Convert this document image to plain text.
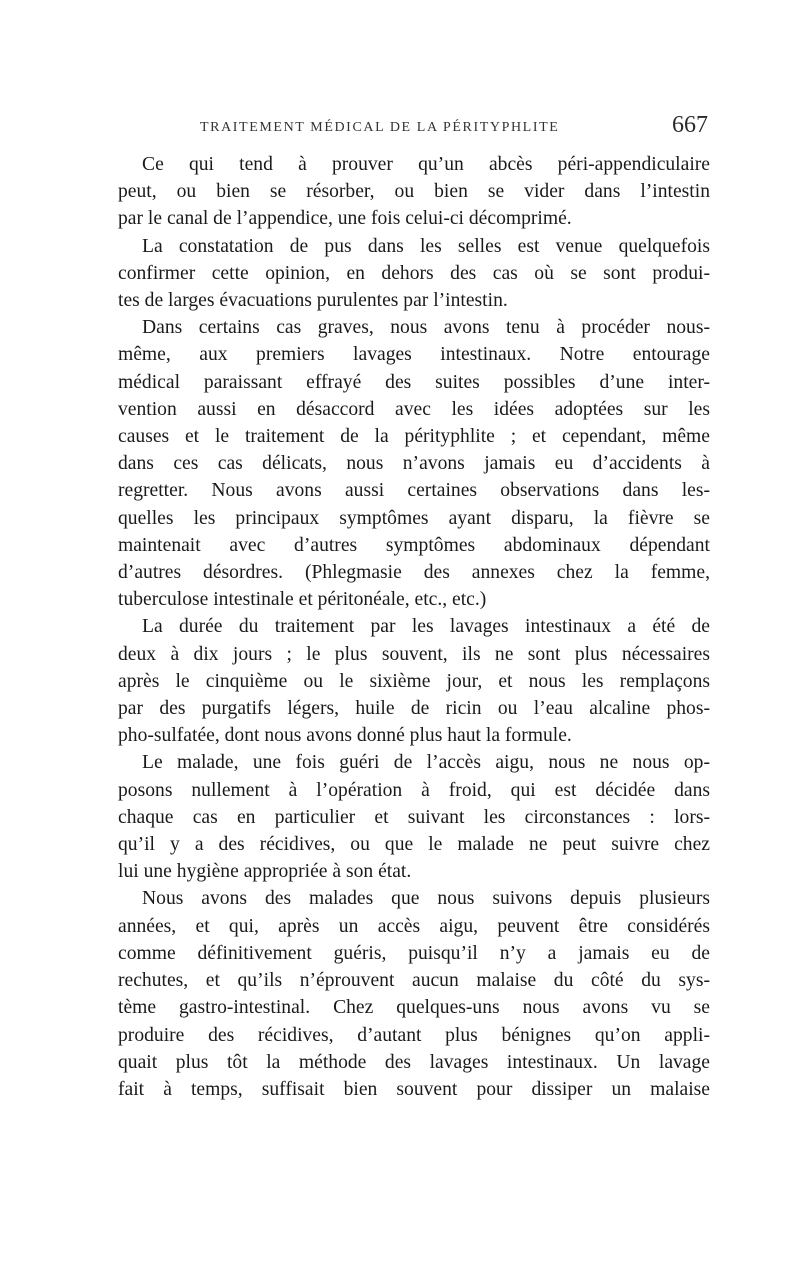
TRAITEMENT MÉDICAL DE LA PÉRITYPHLITE	667

Ce qui tend à prouver qu’un abcès péri-appendiculaire
peut, ou bien se résorber, ou bien se vider dans l’intestin
par le canal de l’appendice, une fois celui-ci décomprimé.

La constatation de pus dans les selles est venue quelquefois
confirmer cette opinion, en dehors des cas où se sont produi-
tes de larges évacuations purulentes par l’intestin.

Dans certains cas graves, nous avons tenu à procéder nous-
même, aux premiers lavages intestinaux. Notre entourage
médical paraissant effrayé des suites possibles d’une inter-
vention aussi en désaccord avec les idées adoptées sur les
causes et le traitement de la pérityphlite ; et cependant, même
dans ces cas délicats, nous n’avons jamais eu d’accidents à
regretter. Nous avons aussi certaines observations dans les-
quelles les principaux symptômes ayant disparu, la fièvre se
maintenait avec d’autres symptômes abdominaux dépendant
d’autres désordres. (Phlegmasie des annexes chez la femme,
tuberculose intestinale et péritonéale, etc., etc.)

La durée du traitement par les lavages intestinaux a été de
deux à dix jours ; le plus souvent, ils ne sont plus nécessaires
après le cinquième ou le sixième jour, et nous les remplaçons
par des purgatifs légers, huile de ricin ou l’eau alcaline phos-
pho-sulfatée, dont nous avons donné plus haut la formule.

Le malade, une fois guéri de l’accès aigu, nous ne nous op-
posons nullement à l’opération à froid, qui est décidée dans
chaque cas en particulier et suivant les circonstances : lors-
qu’il y a des récidives, ou que le malade ne peut suivre chez
lui une hygiène appropriée à son état.

Nous avons des malades que nous suivons depuis plusieurs
années, et qui, après un accès aigu, peuvent être considérés
comme définitivement guéris, puisqu’il n’y a jamais eu de
rechutes, et qu’ils n’éprouvent aucun malaise du côté du sys-
tème gastro-intestinal. Chez quelques-uns nous avons vu se
produire des récidives, d’autant plus bénignes qu’on appli-
quait plus tôt la méthode des lavages intestinaux. Un lavage
fait à temps, suffisait bien souvent pour dissiper un malaise
